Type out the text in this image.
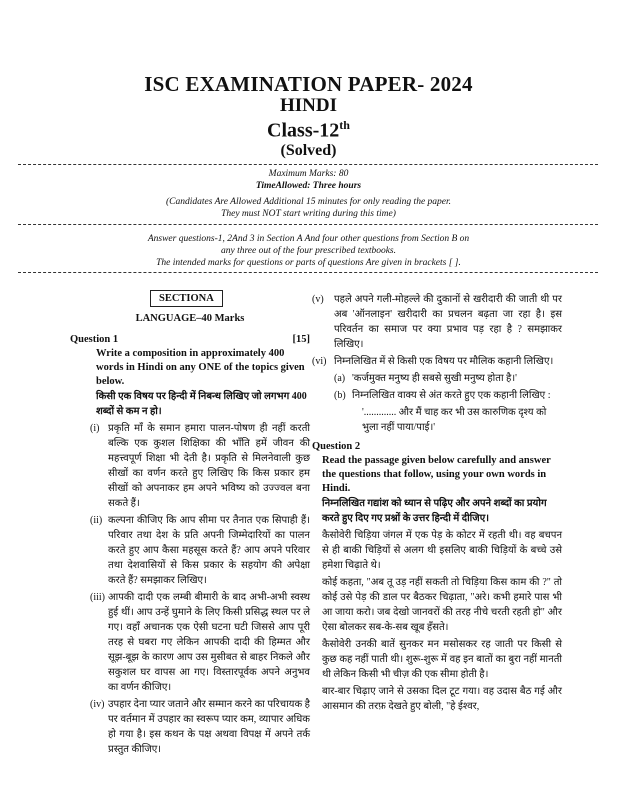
ISC EXAMINATION PAPER- 2024
HINDI
Class-12th
(Solved)
Maximum Marks: 80
TimeAllowed: Three hours
(Candidates Are Allowed Additional 15 minutes for only reading the paper.
They must NOT start writing during this time)
Answer questions-1, 2And 3 in Section A And four other questions from Section B on
any three out of the four prescribed textbooks.
The intended marks for questions or parts of questions Are given in brackets [ ].
SECTIONA
LANGUAGE–40 Marks
Question 1	[15]
Write a composition in approximately 400 words in Hindi on any ONE of the topics given below.
किसी एक विषय पर हिन्दी में निबन्ध लिखिए जो लगभग 400 शब्दों से कम न हो।
(i) प्रकृति माँ के समान हमारा पालन-पोषण ही नहीं करती बल्कि एक कुशल शिक्षिका की भाँति हमें जीवन की महत्त्वपूर्ण शिक्षा भी देती है। प्रकृति से मिलनेवाली कुछ सीखों का वर्णन करते हुए लिखिए कि किस प्रकार हम सीखों को अपनाकर हम अपने भविष्य को उज्ज्वल बना सकते हैं।
(ii) कल्पना कीजिए कि आप सीमा पर तैनात एक सिपाही हैं। परिवार तथा देश के प्रति अपनी जिम्मेदारियों का पालन करते हुए आप कैसा महसूस करते हैं? आप अपने परिवार तथा देशवासियों से किस प्रकार के सहयोग की अपेक्षा करते हैं? समझाकर लिखिए।
(iii) आपकी दादी एक लम्बी बीमारी के बाद अभी-अभी स्वस्थ हुई थीं। आप उन्हें घुमाने के लिए किसी प्रसिद्ध स्थल पर ले गए। वहाँ अचानक एक ऐसी घटना घटी जिससे आप पूरी तरह से घबरा गए लेकिन आपकी दादी की हिम्मत और सूझ-बूझ के कारण आप उस मुसीबत से बाहर निकले और सकुशल घर वापस आ गए। विस्तारपूर्वक अपने अनुभव का वर्णन कीजिए।
(iv) उपहार देना प्यार जताने और सम्मान करने का परिचायक है पर वर्तमान में उपहार का स्वरूप प्यार कम, व्यापार अधिक हो गया है। इस कथन के पक्ष अथवा विपक्ष में अपने तर्क प्रस्तुत कीजिए।
(v)	पहले अपने गली-मोहल्ले की दुकानों से खरीदारी की जाती थी पर अब 'ऑनलाइन' खरीदारी का प्रचलन बढ़ता जा रहा है। इस परिवर्तन का समाज पर क्या प्रभाव पड़ रहा है ? समझाकर लिखिए।
(vi) निम्नलिखित में से किसी एक विषय पर मौलिक कहानी लिखिए।
(a) 'कर्जमुक्त मनुष्य ही सबसे सुखी मनुष्य होता है।'
(b) निम्नलिखित वाक्य से अंत करते हुए एक कहानी लिखिए :
'............. और मैं चाह कर भी उस कारुणिक दृश्य को भुला नहीं पाया/पाई।'
Question 2
Read the passage given below carefully and answer the questions that follow, using your own words in Hindi.
निम्नलिखित गद्यांश को ध्यान से पढ़िए और अपने शब्दों का प्रयोग करते हुए दिए गए प्रश्नों के उत्तर हिन्दी में दीजिए।
कैसोवेरी चिड़िया जंगल में एक पेड़ के कोटर में रहती थी। वह बचपन से ही बाकी चिड़ियों से अलग थी इसलिए बाकी चिड़ियों के बच्चे उसे हमेशा चिढ़ाते थे।
कोई कहता, "अब तू उड़ नहीं सकती तो चिड़िया किस काम की ?" तो कोई उसे पेड़ की डाल पर बैठकर चिढ़ाता, "अरे। कभी हमारे पास भी आ जाया करो। जब देखो जानवरों की तरह नीचे चरती रहती हो" और ऐसा बोलकर सब-के-सब खूब हँसते।
कैसोवेरी उनकी बातें सुनकर मन मसोसकर रह जाती पर किसी से कुछ कह नहीं पाती थी। शुरू-शुरू में वह इन बातों का बुरा नहीं मानती थी लेकिन किसी भी चीज़ की एक सीमा होती है।
बार-बार चिढ़ाए जाने से उसका दिल टूट गया। वह उदास बैठ गई और आसमान की तरफ़ देखते हुए बोली, "हे ईश्वर,
